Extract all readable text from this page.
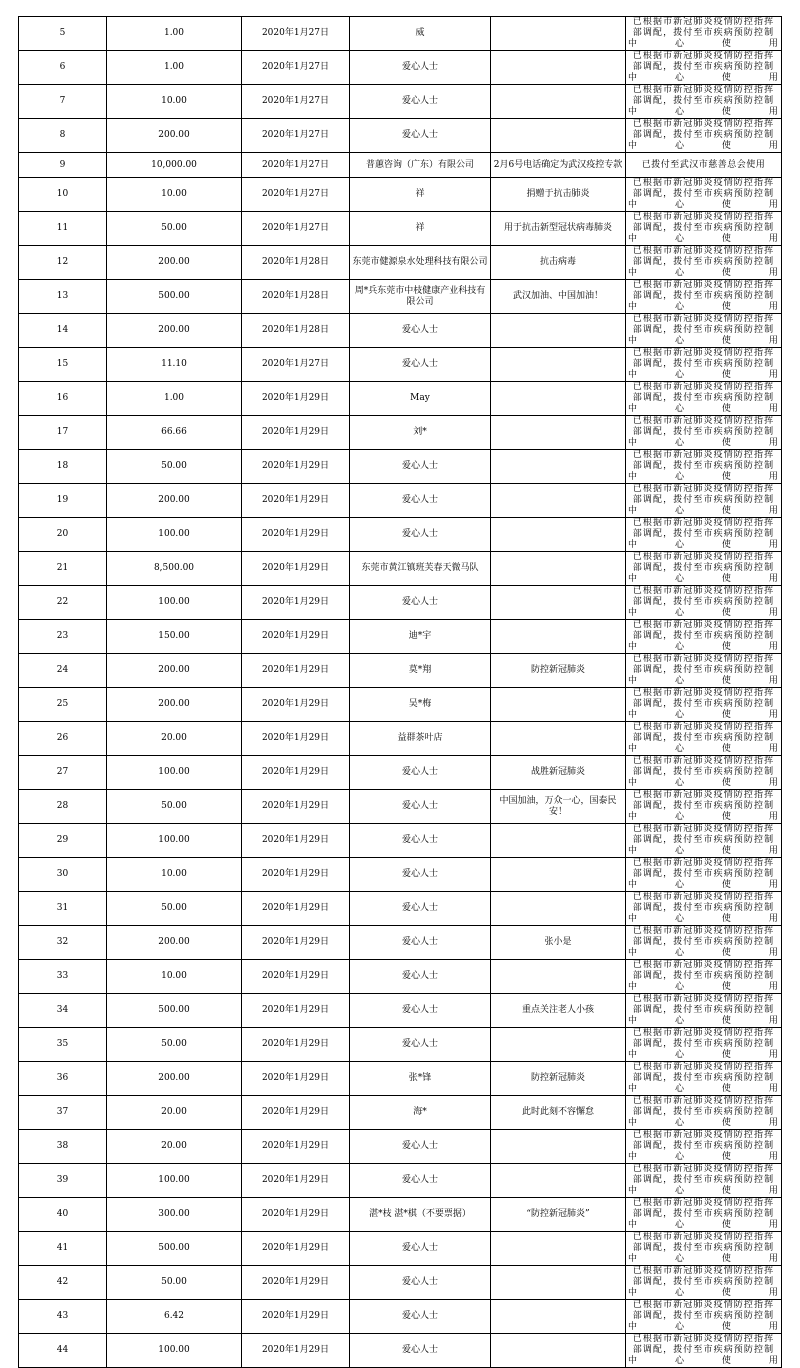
5	1.00	2020年1月27日	威		已根据市新冠肺炎疫情防控指挥部调配，拨付至市疾病预防控制中心使用
6	1.00	2020年1月27日	爱心人士		已根据市新冠肺炎疫情防控指挥部调配，拨付至市疾病预防控制中心使用
7	10.00	2020年1月27日	爱心人士		已根据市新冠肺炎疫情防控指挥部调配，拨付至市疾病预防控制中心使用
8	200.00	2020年1月27日	爱心人士		已根据市新冠肺炎疫情防控指挥部调配，拨付至市疾病预防控制中心使用
9	10,000.00	2020年1月27日	普蕙咨询（广东）有限公司	2月6号电话确定为武汉疫控专款	已拨付至武汉市慈善总会使用
10	10.00	2020年1月27日	祥	捐赠于抗击肺炎	已根据市新冠肺炎疫情防控指挥部调配，拨付至市疾病预防控制中心使用
11	50.00	2020年1月27日	祥	用于抗击新型冠状病毒肺炎	已根据市新冠肺炎疫情防控指挥部调配，拨付至市疾病预防控制中心使用
12	200.00	2020年1月28日	东莞市健源泉水处理科技有限公司	抗击病毒	已根据市新冠肺炎疫情防控指挥部调配，拨付至市疾病预防控制中心使用
13	500.00	2020年1月28日	周*兵东莞市中枝健康产业科技有限公司	武汉加油、中国加油！	已根据市新冠肺炎疫情防控指挥部调配，拨付至市疾病预防控制中心使用
14	200.00	2020年1月28日	爱心人士		已根据市新冠肺炎疫情防控指挥部调配，拨付至市疾病预防控制中心使用
15	11.10	2020年1月27日	爱心人士		已根据市新冠肺炎疫情防控指挥部调配，拨付至市疾病预防控制中心使用
16	1.00	2020年1月29日	May		已根据市新冠肺炎疫情防控指挥部调配，拨付至市疾病预防控制中心使用
17	66.66	2020年1月29日	刘*		已根据市新冠肺炎疫情防控指挥部调配，拨付至市疾病预防控制中心使用
18	50.00	2020年1月29日	爱心人士		已根据市新冠肺炎疫情防控指挥部调配，拨付至市疾病预防控制中心使用
19	200.00	2020年1月29日	爱心人士		已根据市新冠肺炎疫情防控指挥部调配，拨付至市疾病预防控制中心使用
20	100.00	2020年1月29日	爱心人士		已根据市新冠肺炎疫情防控指挥部调配，拨付至市疾病预防控制中心使用
21	8,500.00	2020年1月29日	东莞市黄江镇班芙春天微马队		已根据市新冠肺炎疫情防控指挥部调配，拨付至市疾病预防控制中心使用
22	100.00	2020年1月29日	爱心人士		已根据市新冠肺炎疫情防控指挥部调配，拨付至市疾病预防控制中心使用
23	150.00	2020年1月29日	迪*宇		已根据市新冠肺炎疫情防控指挥部调配，拨付至市疾病预防控制中心使用
24	200.00	2020年1月29日	莫*翔	防控新冠肺炎	已根据市新冠肺炎疫情防控指挥部调配，拨付至市疾病预防控制中心使用
25	200.00	2020年1月29日	吴*梅		已根据市新冠肺炎疫情防控指挥部调配，拨付至市疾病预防控制中心使用
26	20.00	2020年1月29日	益群茶叶店		已根据市新冠肺炎疫情防控指挥部调配，拨付至市疾病预防控制中心使用
27	100.00	2020年1月29日	爱心人士	战胜新冠肺炎	已根据市新冠肺炎疫情防控指挥部调配，拨付至市疾病预防控制中心使用
28	50.00	2020年1月29日	爱心人士	中国加油，万众一心，国泰民安！	已根据市新冠肺炎疫情防控指挥部调配，拨付至市疾病预防控制中心使用
29	100.00	2020年1月29日	爱心人士		已根据市新冠肺炎疫情防控指挥部调配，拨付至市疾病预防控制中心使用
30	10.00	2020年1月29日	爱心人士		已根据市新冠肺炎疫情防控指挥部调配，拨付至市疾病预防控制中心使用
31	50.00	2020年1月29日	爱心人士		已根据市新冠肺炎疫情防控指挥部调配，拨付至市疾病预防控制中心使用
32	200.00	2020年1月29日	爱心人士	张小是	已根据市新冠肺炎疫情防控指挥部调配，拨付至市疾病预防控制中心使用
33	10.00	2020年1月29日	爱心人士		已根据市新冠肺炎疫情防控指挥部调配，拨付至市疾病预防控制中心使用
34	500.00	2020年1月29日	爱心人士	重点关注老人小孩	已根据市新冠肺炎疫情防控指挥部调配，拨付至市疾病预防控制中心使用
35	50.00	2020年1月29日	爱心人士		已根据市新冠肺炎疫情防控指挥部调配，拨付至市疾病预防控制中心使用
36	200.00	2020年1月29日	张*锋	防控新冠肺炎	已根据市新冠肺炎疫情防控指挥部调配，拨付至市疾病预防控制中心使用
37	20.00	2020年1月29日	海*	此时此刻不容懈怠	已根据市新冠肺炎疫情防控指挥部调配，拨付至市疾病预防控制中心使用
38	20.00	2020年1月29日	爱心人士		已根据市新冠肺炎疫情防控指挥部调配，拨付至市疾病预防控制中心使用
39	100.00	2020年1月29日	爱心人士		已根据市新冠肺炎疫情防控指挥部调配，拨付至市疾病预防控制中心使用
40	300.00	2020年1月29日	湛*枝 湛*棋（不要票据）	“防控新冠肺炎”	已根据市新冠肺炎疫情防控指挥部调配，拨付至市疾病预防控制中心使用
41	500.00	2020年1月29日	爱心人士		已根据市新冠肺炎疫情防控指挥部调配，拨付至市疾病预防控制中心使用
42	50.00	2020年1月29日	爱心人士		已根据市新冠肺炎疫情防控指挥部调配，拨付至市疾病预防控制中心使用
43	6.42	2020年1月29日	爱心人士		已根据市新冠肺炎疫情防控指挥部调配，拨付至市疾病预防控制中心使用
44	100.00	2020年1月29日	爱心人士		已根据市新冠肺炎疫情防控指挥部调配，拨付至市疾病预防控制中心使用
